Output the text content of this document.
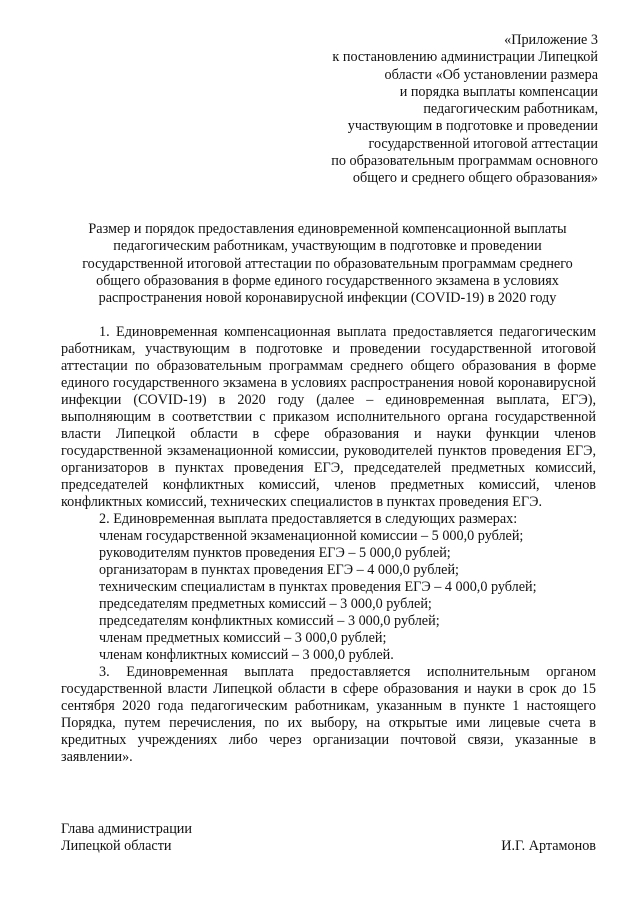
«Приложение 3
к постановлению администрации Липецкой
области «Об установлении размера
и порядка выплаты компенсации
педагогическим работникам,
участвующим в подготовке и проведении
государственной итоговой аттестации
по образовательным программам основного
общего и среднего общего образования»
Размер и порядок предоставления единовременной компенсационной выплаты
педагогическим работникам, участвующим в подготовке и проведении
государственной итоговой аттестации по образовательным программам среднего
общего образования в форме единого государственного экзамена в условиях
распространения новой коронавирусной инфекции (COVID-19) в 2020 году

1. Единовременная компенсационная выплата предоставляется педагогическим работникам, участвующим в подготовке и проведении государственной итоговой аттестации по образовательным программам среднего общего образования в форме единого государственного экзамена в условиях распространения новой коронавирусной инфекции (COVID-19) в 2020 году (далее – единовременная выплата, ЕГЭ), выполняющим в соответствии с приказом исполнительного органа государственной власти Липецкой области в сфере образования и науки функции членов государственной экзаменационной комиссии, руководителей пунктов проведения ЕГЭ, организаторов в пунктах проведения ЕГЭ, председателей предметных комиссий, председателей конфликтных комиссий, членов предметных комиссий, членов конфликтных комиссий, технических специалистов в пунктах проведения ЕГЭ.

2. Единовременная выплата предоставляется в следующих размерах:

членам государственной экзаменационной комиссии – 5 000,0 рублей;
руководителям пунктов проведения ЕГЭ – 5 000,0 рублей;
организаторам в пунктах проведения ЕГЭ – 4 000,0 рублей;
техническим специалистам в пунктах проведения ЕГЭ – 4 000,0 рублей;
председателям предметных комиссий – 3 000,0 рублей;
председателям конфликтных комиссий – 3 000,0 рублей;
членам предметных комиссий – 3 000,0 рублей;
членам конфликтных комиссий – 3 000,0 рублей.

3. Единовременная выплата предоставляется исполнительным органом государственной власти Липецкой области в сфере образования и науки в срок до 15 сентября 2020 года педагогическим работникам, указанным в пункте 1 настоящего Порядка, путем перечисления, по их выбору, на открытые ими лицевые счета в кредитных учреждениях либо через организации почтовой связи, указанные в заявлении».

Глава администрации
Липецкой области	И.Г. Артамонов
